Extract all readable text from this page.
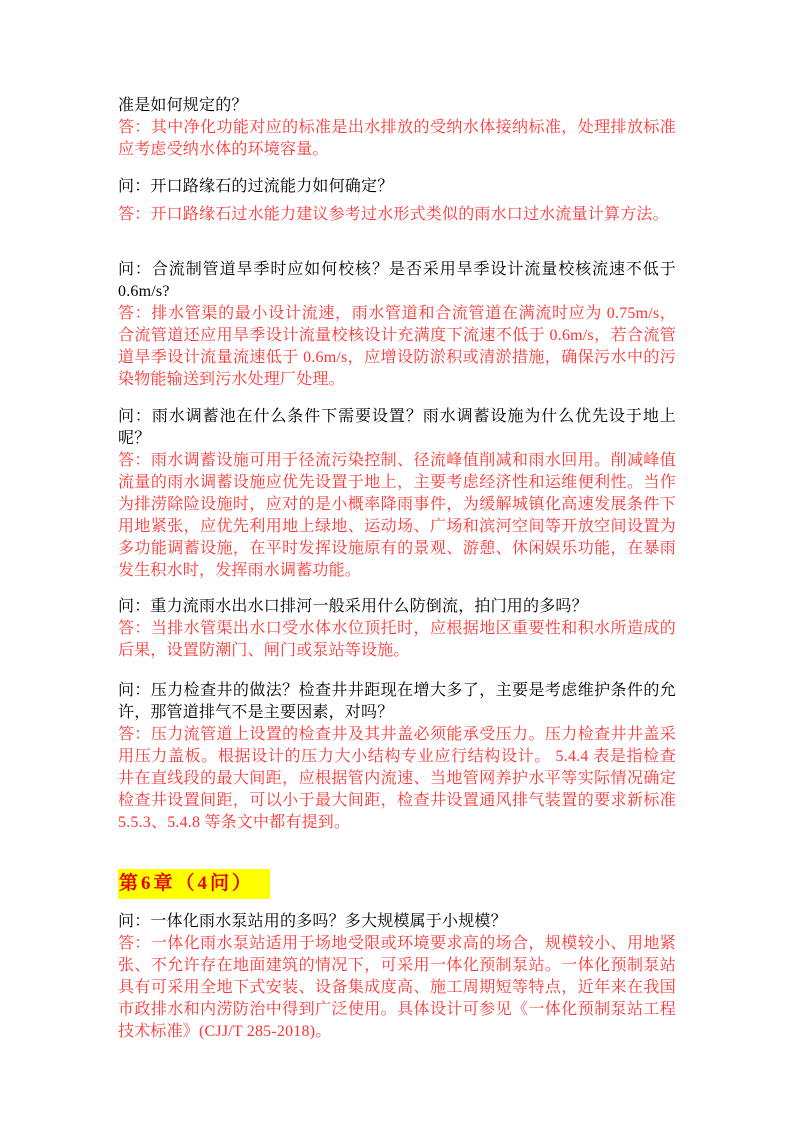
准是如何规定的？

答：其中净化功能对应的标准是出水排放的受纳水体接纳标准，处理排放标准应考虑受纳水体的环境容量。

问：开口路缘石的过流能力如何确定？

答：开口路缘石过水能力建议参考过水形式类似的雨水口过水流量计算方法。

问：合流制管道旱季时应如何校核？是否采用旱季设计流量校核流速不低于0.6m/s?

答：排水管渠的最小设计流速，雨水管道和合流管道在满流时应为 0.75m/s，合流管道还应用旱季设计流量校核设计充满度下流速不低于 0.6m/s，若合流管道旱季设计流量流速低于 0.6m/s，应增设防淤积或清淤措施，确保污水中的污染物能输送到污水处理厂处理。

问：雨水调蓄池在什么条件下需要设置？雨水调蓄设施为什么优先设于地上呢？

答：雨水调蓄设施可用于径流污染控制、径流峰值削减和雨水回用。削减峰值流量的雨水调蓄设施应优先设置于地上，主要考虑经济性和运维便利性。当作为排涝除险设施时，应对的是小概率降雨事件，为缓解城镇化高速发展条件下用地紧张，应优先利用地上绿地、运动场、广场和滨河空间等开放空间设置为多功能调蓄设施，在平时发挥设施原有的景观、游憩、休闲娱乐功能，在暴雨发生积水时，发挥雨水调蓄功能。

问：重力流雨水出水口排河一般采用什么防倒流，拍门用的多吗？

答：当排水管渠出水口受水体水位顶托时，应根据地区重要性和积水所造成的后果，设置防潮门、闸门或泵站等设施。

问：压力检查井的做法？检查井井距现在增大多了，主要是考虑维护条件的允许，那管道排气不是主要因素，对吗？

答：压力流管道上设置的检查井及其井盖必须能承受压力。压力检查井井盖采用压力盖板。根据设计的压力大小结构专业应行结构设计。 5.4.4 表是指检查井在直线段的最大间距，应根据管内流速、当地管网养护水平等实际情况确定检查井设置间距，可以小于最大间距，检查井设置通风排气装置的要求新标准 5.5.3、5.4.8 等条文中都有提到。

第6章（4问）

问：一体化雨水泵站用的多吗？多大规模属于小规模？

答：一体化雨水泵站适用于场地受限或环境要求高的场合，规模较小、用地紧张、不允许存在地面建筑的情况下，可采用一体化预制泵站。一体化预制泵站具有可采用全地下式安装、设备集成度高、施工周期短等特点，近年来在我国市政排水和内涝防治中得到广泛使用。具体设计可参见《一体化预制泵站工程技术标准》(CJJ/T 285-2018)。
